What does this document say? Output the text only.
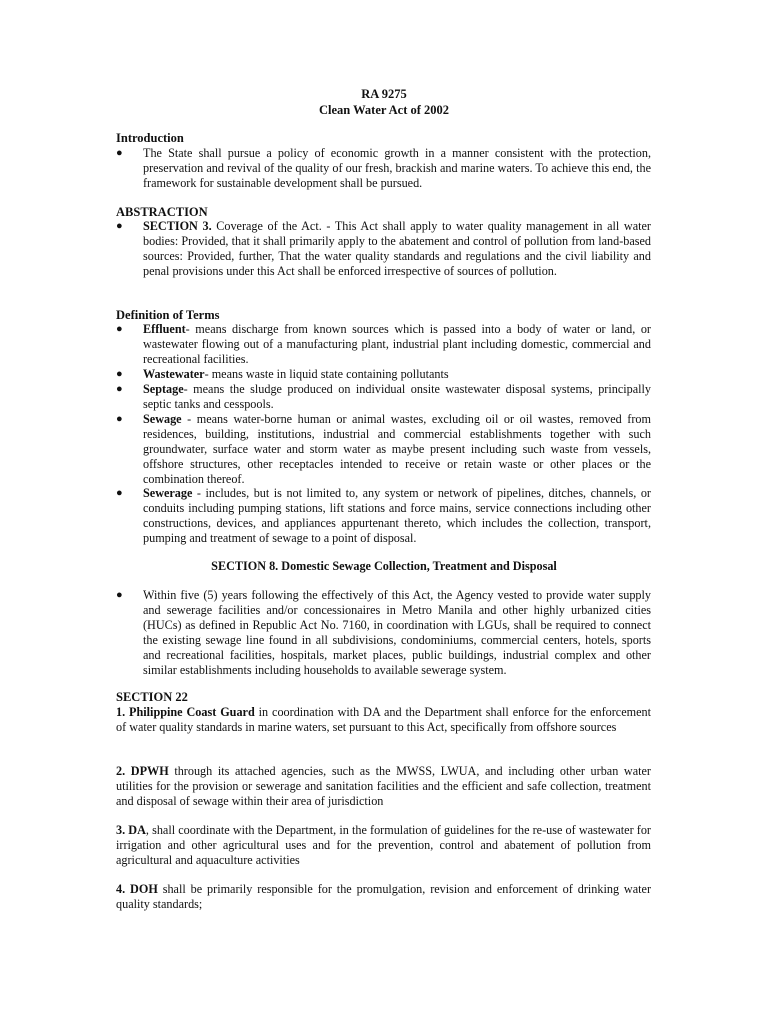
RA 9275
Clean Water Act of 2002
Introduction
● The State shall pursue a policy of economic growth in a manner consistent with the protection, preservation and revival of the quality of our fresh, brackish and marine waters. To achieve this end, the framework for sustainable development shall be pursued.
ABSTRACTION
● SECTION 3. Coverage of the Act. - This Act shall apply to water quality management in all water bodies: Provided, that it shall primarily apply to the abatement and control of pollution from land-based sources: Provided, further, That the water quality standards and regulations and the civil liability and penal provisions under this Act shall be enforced irrespective of sources of pollution.
Definition of Terms
● Effluent- means discharge from known sources which is passed into a body of water or land, or wastewater flowing out of a manufacturing plant, industrial plant including domestic, commercial and recreational facilities.
● Wastewater- means waste in liquid state containing pollutants
● Septage- means the sludge produced on individual onsite wastewater disposal systems, principally septic tanks and cesspools.
● Sewage - means water-borne human or animal wastes, excluding oil or oil wastes, removed from residences, building, institutions, industrial and commercial establishments together with such groundwater, surface water and storm water as maybe present including such waste from vessels, offshore structures, other receptacles intended to receive or retain waste or other places or the combination thereof.
● Sewerage - includes, but is not limited to, any system or network of pipelines, ditches, channels, or conduits including pumping stations, lift stations and force mains, service connections including other constructions, devices, and appliances appurtenant thereto, which includes the collection, transport, pumping and treatment of sewage to a point of disposal.
SECTION 8. Domestic Sewage Collection, Treatment and Disposal
● Within five (5) years following the effectively of this Act, the Agency vested to provide water supply and sewerage facilities and/or concessionaires in Metro Manila and other highly urbanized cities (HUCs) as defined in Republic Act No. 7160, in coordination with LGUs, shall be required to connect the existing sewage line found in all subdivisions, condominiums, commercial centers, hotels, sports and recreational facilities, hospitals, market places, public buildings, industrial complex and other similar establishments including households to available sewerage system.
SECTION 22
1. Philippine Coast Guard in coordination with DA and the Department shall enforce for the enforcement of water quality standards in marine waters, set pursuant to this Act, specifically from offshore sources
2. DPWH through its attached agencies, such as the MWSS, LWUA, and including other urban water utilities for the provision or sewerage and sanitation facilities and the efficient and safe collection, treatment and disposal of sewage within their area of jurisdiction
3. DA, shall coordinate with the Department, in the formulation of guidelines for the re-use of wastewater for irrigation and other agricultural uses and for the prevention, control and abatement of pollution from agricultural and aquaculture activities
4. DOH shall be primarily responsible for the promulgation, revision and enforcement of drinking water quality standards;
